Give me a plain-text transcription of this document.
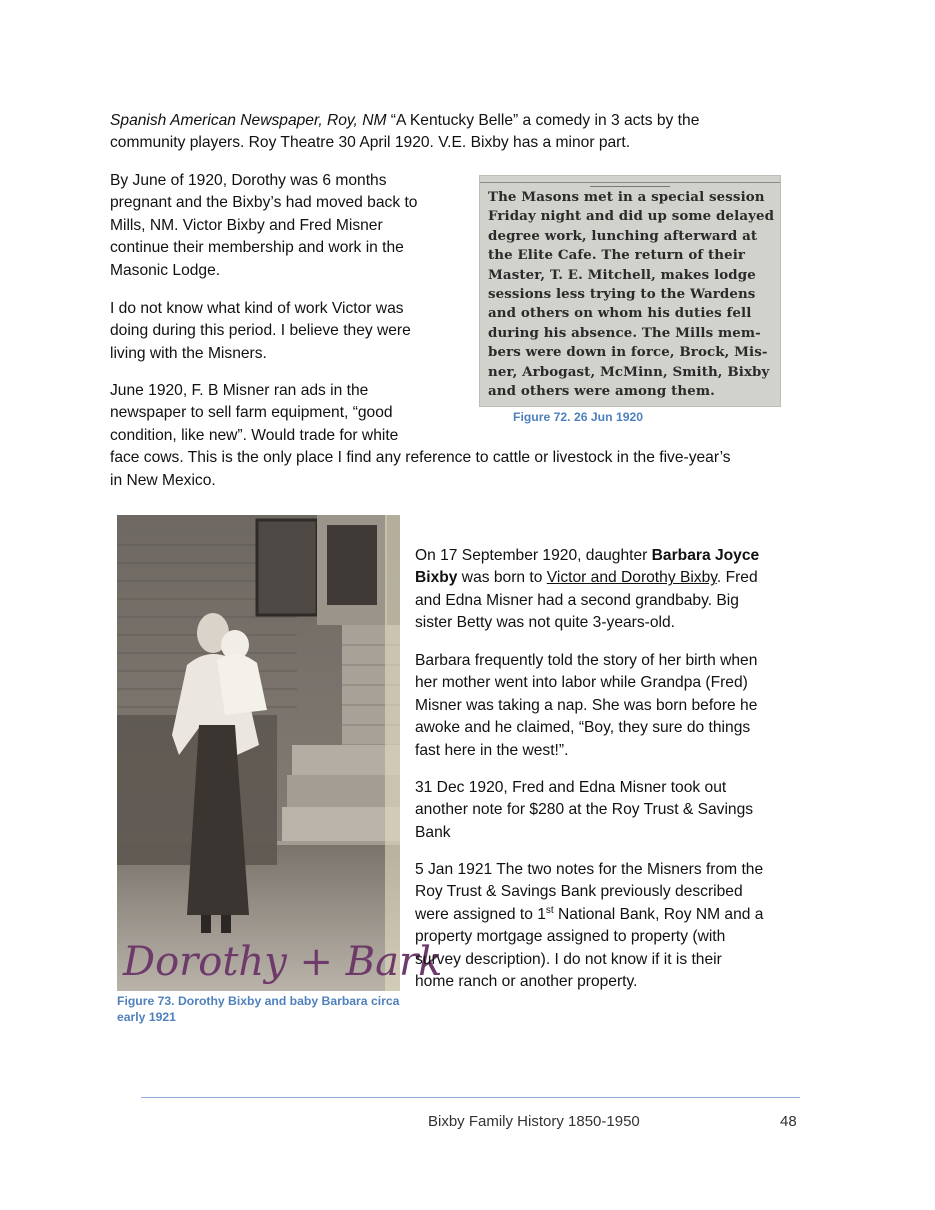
Spanish American Newspaper, Roy, NM “A Kentucky Belle” a comedy in 3 acts by the

community players. Roy Theatre 30 April 1920. V.E. Bixby has a minor part.

By June of 1920, Dorothy was 6 months

pregnant and the Bixby’s had moved back to

Mills, NM. Victor Bixby and Fred Misner

continue their membership and work in the

Masonic Lodge.

I do not know what kind of work Victor was

doing during this period. I believe they were

living with the Misners.

June 1920, F. B Misner ran ads in the

newspaper to sell farm equipment, “good

condition, like new”. Would trade for white

face cows. This is the only place I find any reference to cattle or livestock in the five-year’s

in New Mexico.

The Masons met in a special session
Friday night and did up some delayed
degree work, lunching afterward at
the Elite Cafe. The return of their
Master, T. E. Mitchell, makes lodge
sessions less trying to the Wardens
and others on whom his duties fell
during his absence. The Mills mem-
bers were down in force, Brock, Mis-
ner, Arbogast, McMinn, Smith, Bixby
and others were among them.
Figure 72. 26 Jun 1920
Dorothy + Bark
Figure 73. Dorothy Bixby and baby Barbara circa
early 1921

On 17 September 1920, daughter Barbara Joyce

Bixby was born to Victor and Dorothy Bixby. Fred

and Edna Misner had a second grandbaby. Big

sister Betty was not quite 3-years-old.

Barbara frequently told the story of her birth when

her mother went into labor while Grandpa (Fred)

Misner was taking a nap. She was born before he

awoke and he claimed, “Boy, they sure do things

fast here in the west!”.

31 Dec 1920, Fred and Edna Misner took out

another note for $280 at the Roy Trust & Savings

Bank

5 Jan 1921 The two notes for the Misners from the

Roy Trust & Savings Bank previously described

were assigned to 1st National Bank, Roy NM and a

property mortgage assigned to property (with

survey description). I do not know if it is their

home ranch or another property.

Bixby Family History 1850-1950	48
